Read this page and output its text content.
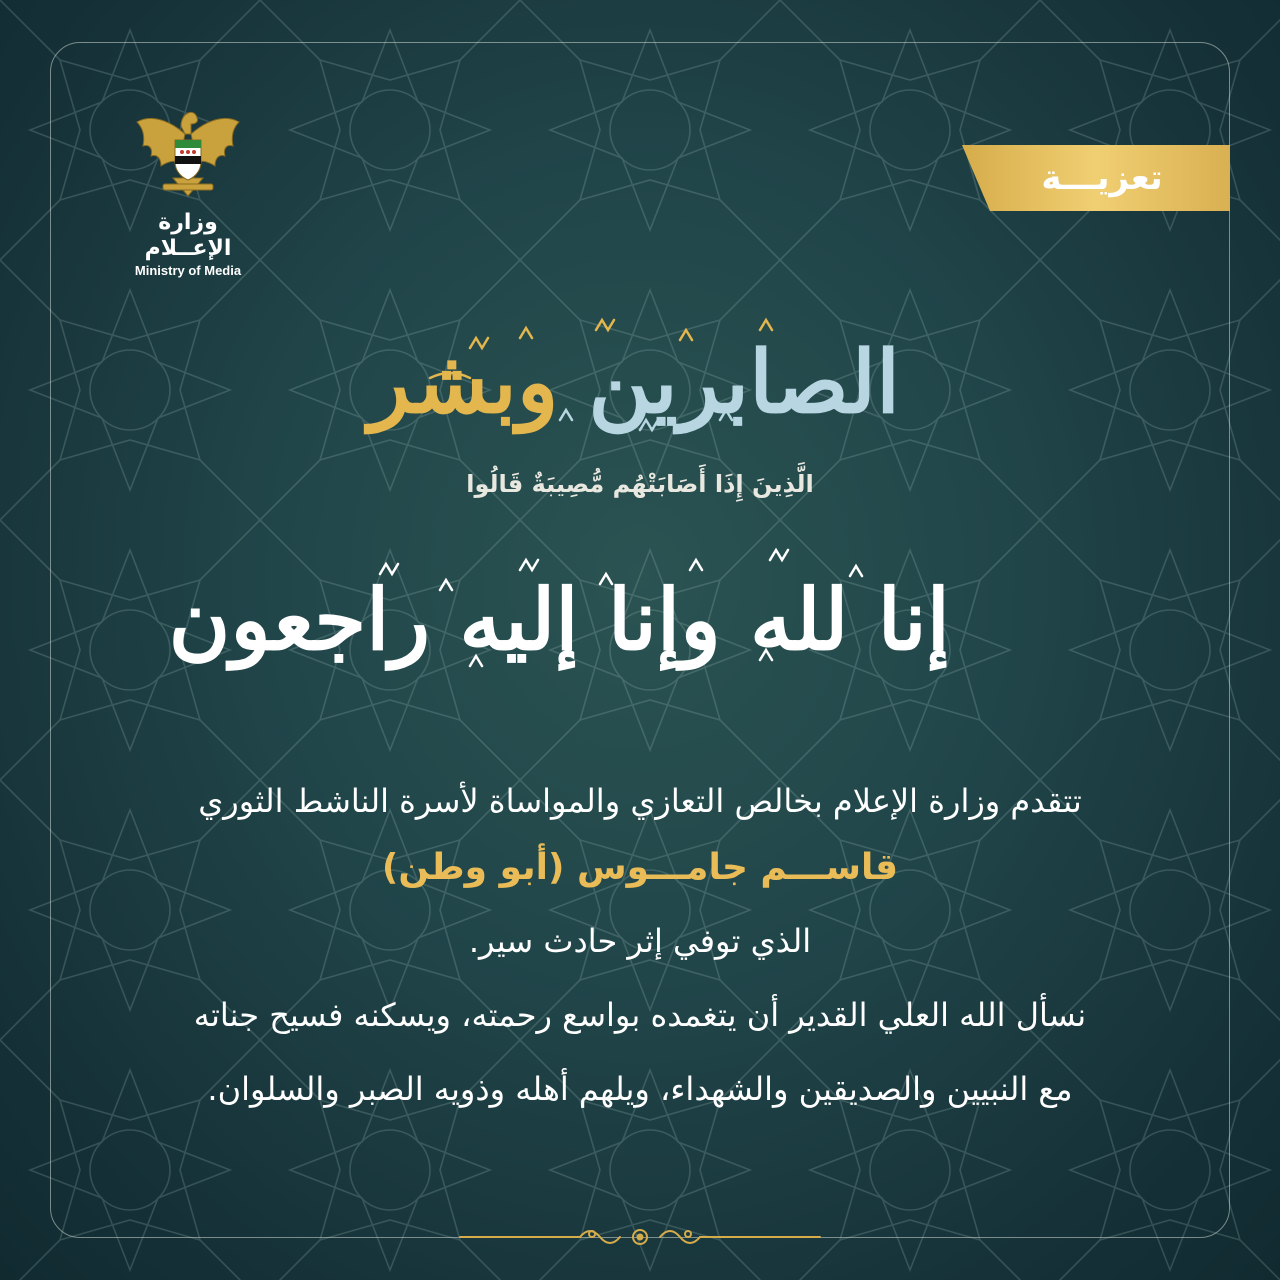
وزارة الإعــلام
Ministry of Media
تعزيـــة
الصابرين وبشر
الَّذِينَ إِذَا أَصَابَتْهُم مُّصِيبَةٌ قَالُوا
إنا لله وإنا إليه راجعون
تتقدم وزارة الإعلام بخالص التعازي والمواساة لأسرة الناشط الثوري
قاســـم جامـــوس (أبو وطن)
الذي توفي إثر حادث سير.
نسأل الله العلي القدير أن يتغمده بواسع رحمته، ويسكنه فسيح جناته
مع النبيين والصديقين والشهداء، ويلهم أهله وذويه الصبر والسلوان.
